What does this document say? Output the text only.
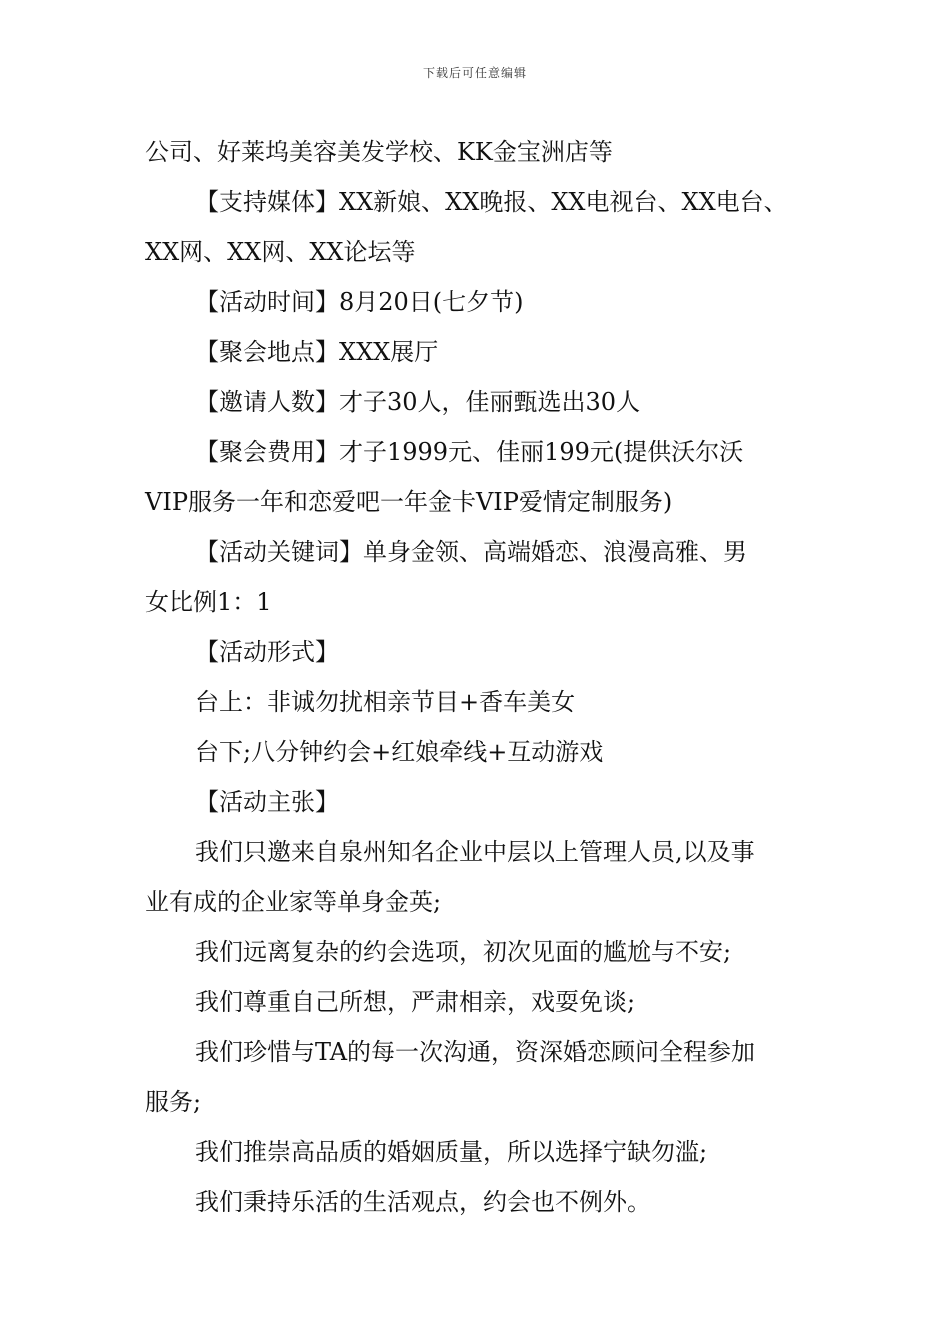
下载后可任意编辑
公司、好莱坞美容美发学校、KK金宝洲店等
【支持媒体】XX新娘、XX晚报、XX电视台、XX电台、
XX网、XX网、XX论坛等
【活动时间】8月20日(七夕节)
【聚会地点】XXX展厅
【邀请人数】才子30人，佳丽甄选出30人
【聚会费用】才子1999元、佳丽199元(提供沃尔沃
VIP服务一年和恋爱吧一年金卡VIP爱情定制服务)
【活动关键词】单身金领、高端婚恋、浪漫高雅、男
女比例1：1
【活动形式】
台上：非诚勿扰相亲节目+香车美女
台下;八分钟约会+红娘牵线+互动游戏
【活动主张】
我们只邀来自泉州知名企业中层以上管理人员,以及事
业有成的企业家等单身金英;
我们远离复杂的约会选项，初次见面的尴尬与不安;
我们尊重自己所想，严肃相亲，戏耍免谈;
我们珍惜与TA的每一次沟通，资深婚恋顾问全程参加
服务;
我们推崇高品质的婚姻质量，所以选择宁缺勿滥;
我们秉持乐活的生活观点，约会也不例外。
